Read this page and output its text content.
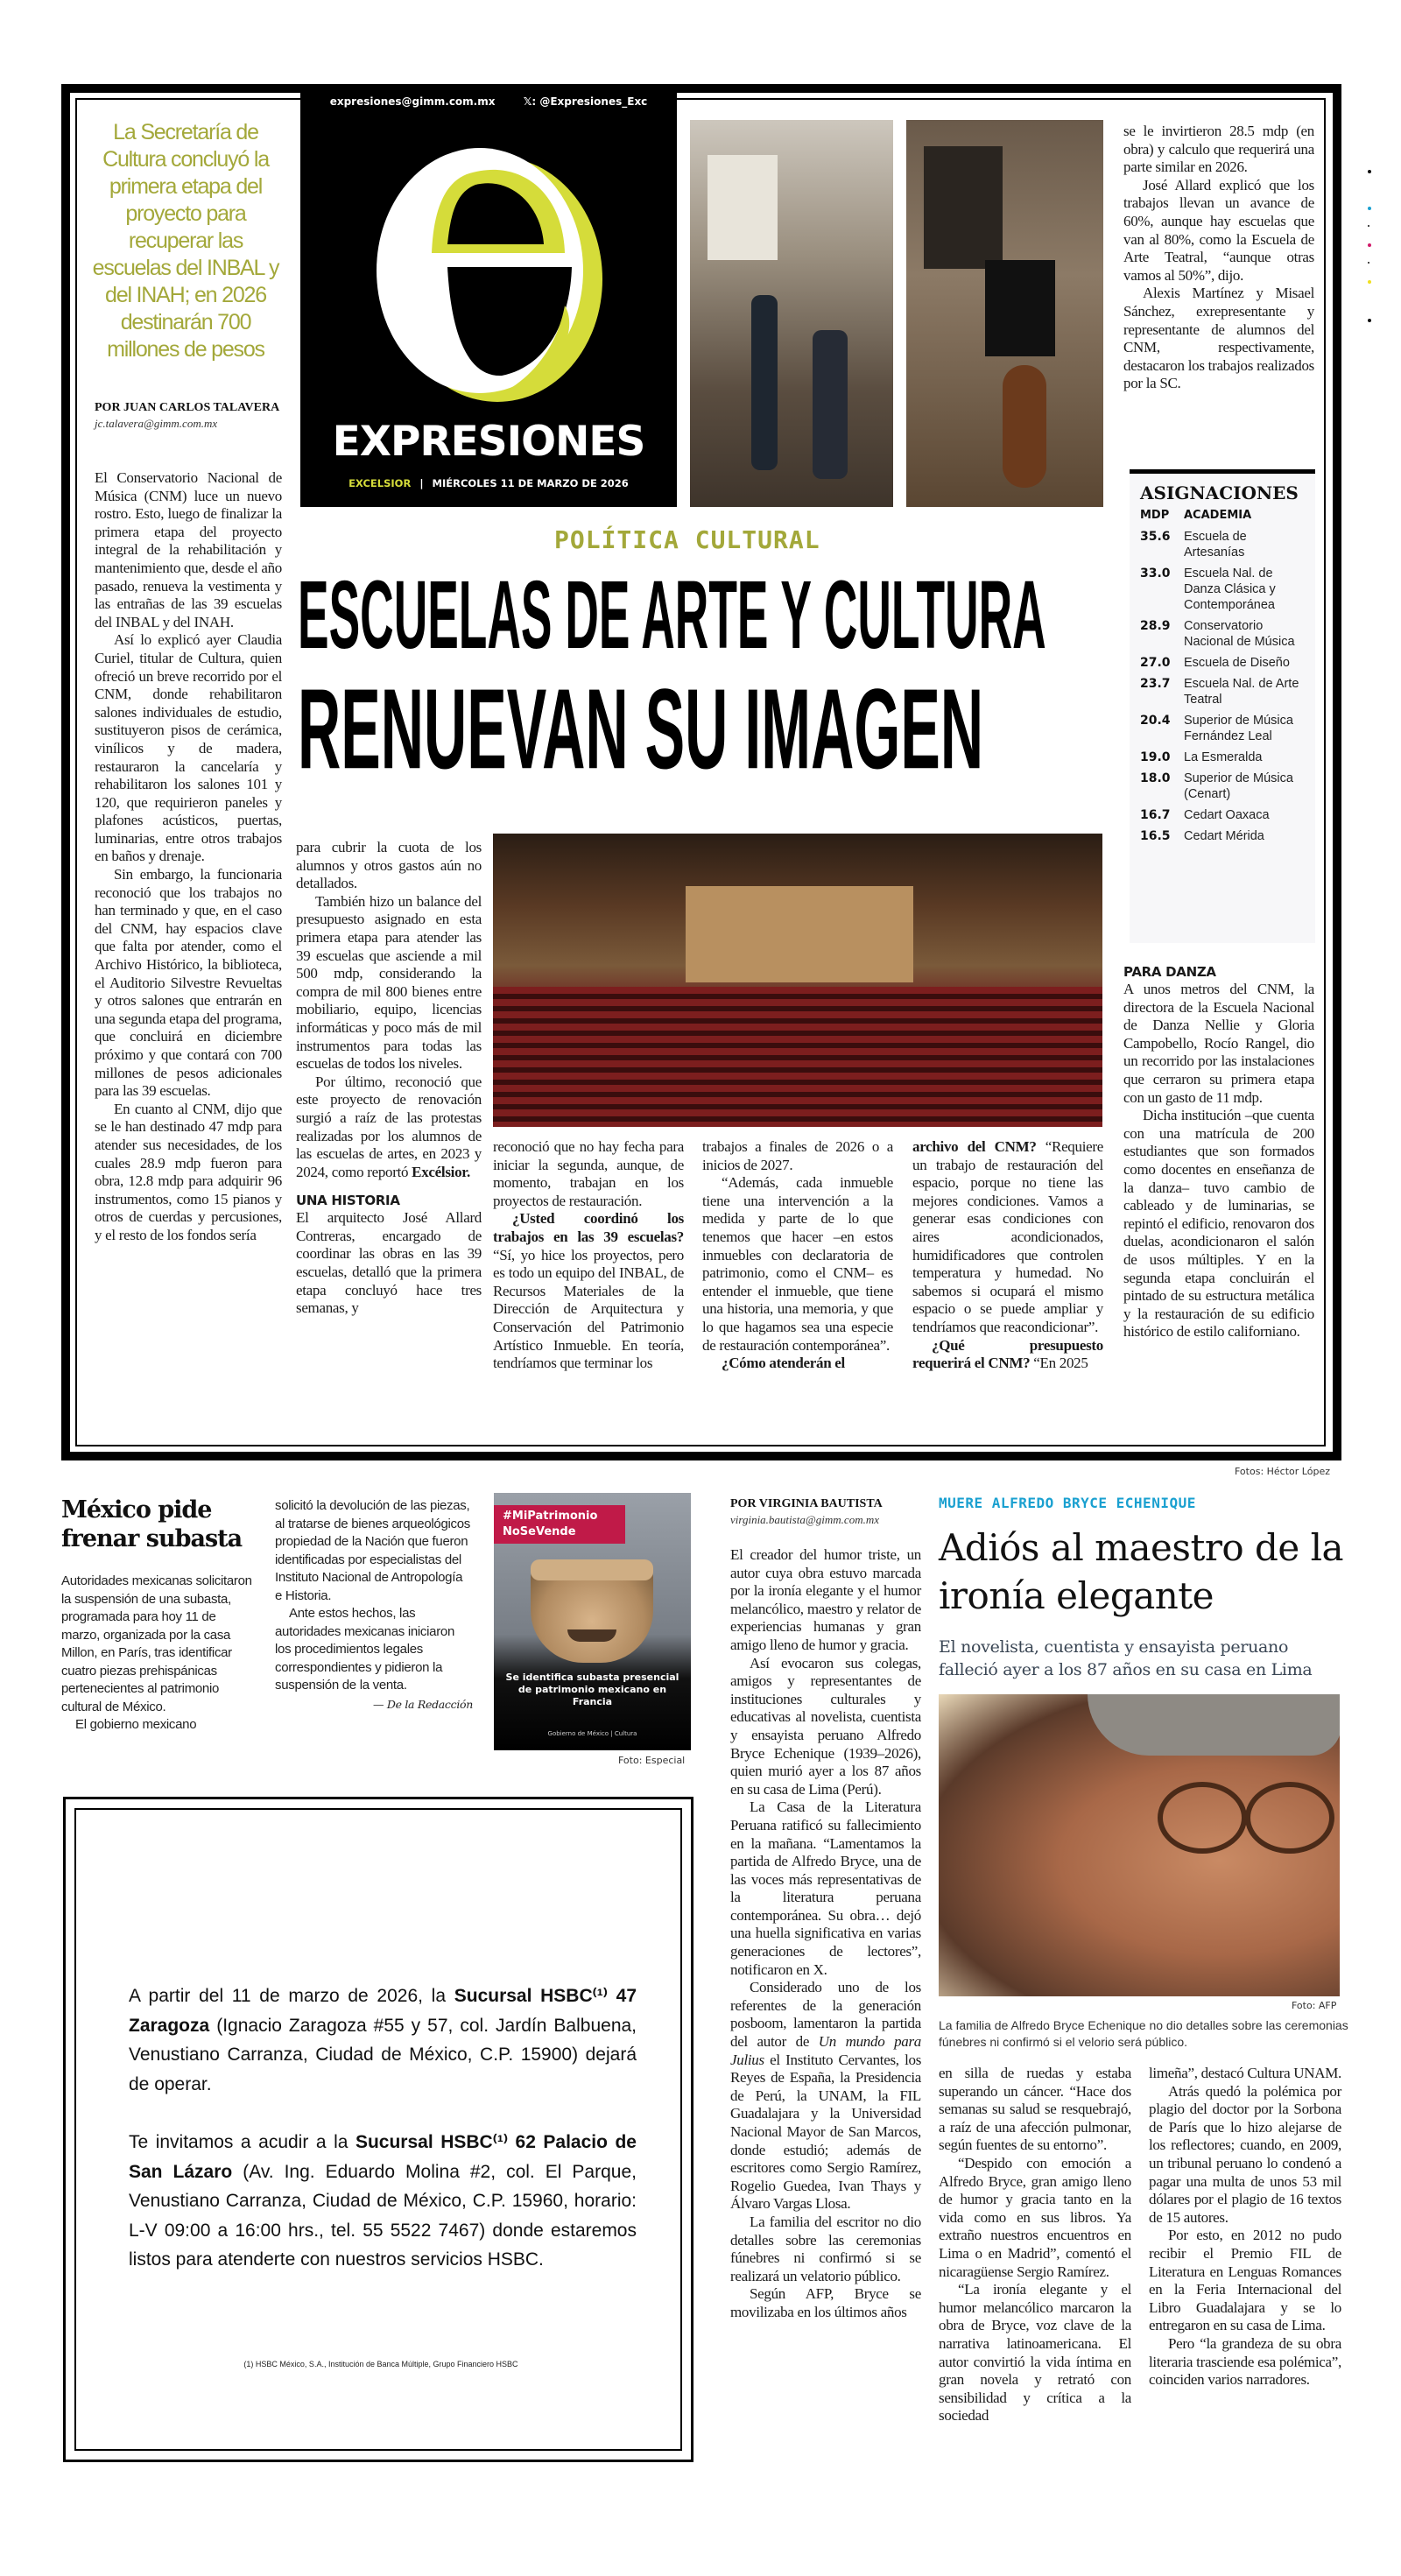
La Secretaría de Cultura concluyó la primera etapa del proyecto para recuperar las escuelas del INBAL y del INAH; en 2026 destinarán 700 millones de pesos
POR JUAN CARLOS TALAVERA
jc.talavera@gimm.com.mx

El Conservatorio Nacional de Música (CNM) luce un nuevo rostro. Esto, luego de finalizar la primera etapa del proyecto integral de la rehabilitación y mantenimiento que, desde el año pasado, renueva la vestimenta y las entrañas de las 39 escuelas del INBAL y del INAH.

Así lo explicó ayer Claudia Curiel, titular de Cultura, quien ofreció un breve recorrido por el CNM, donde rehabilitaron salones individuales de estudio, sustituyeron pisos de cerámica, vinílicos y de madera, restauraron la cancelaría y rehabilitaron los salones 101 y 120, que requirieron paneles y plafones acústicos, puertas, luminarias, entre otros trabajos en baños y drenaje.

Sin embargo, la funcionaria reconoció que los trabajos no han terminado y que, en el caso del CNM, hay espacios clave que falta por atender, como el Archivo Histórico, la biblioteca, el Auditorio Silvestre Revueltas y otros salones que entrarán en una segunda etapa del programa, que concluirá en diciembre próximo y que contará con 700 millones de pesos adicionales para las 39 escuelas.

En cuanto al CNM, dijo que se le han destinado 47 mdp para atender sus necesidades, de los cuales 28.9 mdp fueron para obra, 12.8 mdp para adquirir 96 instrumentos, como 15 pianos y otros de cuerdas y percusiones, y el resto de los fondos sería

expresiones@gimm.com.mx	𝕏: @Expresiones_Exc
EXPRESIONES
EXCELSIOR | MIÉRCOLES 11 DE MARZO DE 2026
POLÍTICA CULTURAL
ESCUELAS DE ARTE Y CULTURA
RENUEVAN SU IMAGEN

para cubrir la cuota de los alumnos y otros gastos aún no detallados.

También hizo un balance del presupuesto asignado en esta primera etapa para atender las 39 escuelas que asciende a mil 500 mdp, considerando la compra de mil 800 bienes entre mobiliario, equipo, licencias informáticas y poco más de mil instrumentos para todas las escuelas de todos los niveles.

Por último, reconoció que este proyecto de renovación surgió a raíz de las protestas realizadas por los alumnos de las escuelas de artes, en 2023 y 2024, como reportó Excélsior.

UNA HISTORIA

El arquitecto José Allard Contreras, encargado de coordinar las obras en las 39 escuelas, detalló que la primera etapa concluyó hace tres semanas, y

reconoció que no hay fecha para iniciar la segunda, aunque, de momento, trabajan en los proyectos de restauración.

¿Usted coordinó los trabajos en las 39 escuelas? “Sí, yo hice los proyectos, pero es todo un equipo del INBAL, de Recursos Materiales de la Dirección de Arquitectura y Conservación del Patrimonio Artístico Inmueble. En teoría, tendríamos que terminar los

trabajos a finales de 2026 o a inicios de 2027.

“Además, cada inmueble tiene una intervención a la medida y parte de lo que tenemos que hacer –en estos inmuebles con declaratoria de patrimonio, como el CNM– es entender el inmueble, que tiene una historia, una memoria, y que lo que hagamos sea una especie de restauración contemporánea”.

¿Cómo atenderán el

archivo del CNM? “Requiere un trabajo de restauración del espacio, porque no tiene las mejores condiciones. Vamos a generar esas condiciones con aires acondicionados, humidificadores que controlen temperatura y humedad. No sabemos si ocupará el mismo espacio o se puede ampliar y tendríamos que reacondicionar”.

¿Qué presupuesto requerirá el CNM? “En 2025

se le invirtieron 28.5 mdp (en obra) y calculo que requerirá una parte similar en 2026.

José Allard explicó que los trabajos llevan un avance de 60%, aunque hay escuelas que van al 80%, como la Escuela de Arte Teatral, “aunque otras vamos al 50%”, dijo.

Alexis Martínez y Misael Sánchez, exrepresentante y representante de alumnos del CNM, respectivamente, destacaron los trabajos realizados por la SC.

ASIGNACIONES
MDP	ACADEMIA
35.6	Escuela de Artesanías
33.0	Escuela Nal. de Danza Clásica y Contemporánea
28.9	Conservatorio Nacional de Música
27.0	Escuela de Diseño
23.7	Escuela Nal. de Arte Teatral
20.4	Superior de Música Fernández Leal
19.0	La Esmeralda
18.0	Superior de Música (Cenart)
16.7	Cedart Oaxaca
16.5	Cedart Mérida
PARA DANZA

A unos metros del CNM, la directora de la Escuela Nacional de Danza Nellie y Gloria Campobello, Rocío Rangel, dio un recorrido por las instalaciones que cerraron su primera etapa con un gasto de 11 mdp.

Dicha institución –que cuenta con una matrícula de 200 estudiantes que son formados como docentes en enseñanza de la danza– tuvo cambio de cableado y de luminarias, se repintó el edificio, renovaron dos duelas, acondicionaron el salón de usos múltiples. Y en la segunda etapa concluirán el pintado de su estructura metálica y la restauración de su edificio histórico de estilo californiano.

Fotos: Héctor López
México pide frenar subasta

Autoridades mexicanas solicitaron la suspensión de una subasta, programada para hoy 11 de marzo, organizada por la casa Millon, en París, tras identificar cuatro piezas prehispánicas pertenecientes al patrimonio cultural de México.

El gobierno mexicano

solicitó la devolución de las piezas, al tratarse de bienes arqueológicos propiedad de la Nación que fueron identificadas por especialistas del Instituto Nacional de Antropología e Historia.

Ante estos hechos, las autoridades mexicanas iniciaron los procedimientos legales correspondientes y pidieron la suspensión de la venta.

— De la Redacción
#MiPatrimonio NoSeVende
Se identifica subasta presencial de patrimonio mexicano en Francia
Gobierno de México | Cultura
Foto: Especial

A partir del 11 de marzo de 2026, la Sucursal HSBC⁽¹⁾ 47 Zaragoza (Ignacio Zaragoza #55 y 57, col. Jardín Balbuena, Venustiano Carranza, Ciudad de México, C.P. 15900) dejará de operar.

Te invitamos a acudir a la Sucursal HSBC⁽¹⁾ 62 Palacio de San Lázaro (Av. Ing. Eduardo Molina #2, col. El Parque, Venustiano Carranza, Ciudad de México, C.P. 15960, horario: L-V 09:00 a 16:00 hrs., tel. 55 5522 7467) donde estaremos listos para atenderte con nuestros servicios HSBC.

(1) HSBC México, S.A., Institución de Banca Múltiple, Grupo Financiero HSBC
POR VIRGINIA BAUTISTA
virginia.bautista@gimm.com.mx

El creador del humor triste, un autor cuya obra estuvo marcada por la ironía elegante y el humor melancólico, maestro y relator de experiencias humanas y gran amigo lleno de humor y gracia.

Así evocaron sus colegas, amigos y representantes de instituciones culturales y educativas al novelista, cuentista y ensayista peruano Alfredo Bryce Echenique (1939–2026), quien murió ayer a los 87 años en su casa de Lima (Perú).

La Casa de la Literatura Peruana ratificó su fallecimiento en la mañana. “Lamentamos la partida de Alfredo Bryce, una de las voces más representativas de la literatura peruana contemporánea. Su obra… dejó una huella significativa en varias generaciones de lectores”, notificaron en X.

Considerado uno de los referentes de la generación posboom, lamentaron la partida del autor de Un mundo para Julius el Instituto Cervantes, los Reyes de España, la Presidencia de Perú, la UNAM, la FIL Guadalajara y la Universidad Nacional Mayor de San Marcos, donde estudió; además de escritores como Sergio Ramírez, Rogelio Guedea, Ivan Thays y Álvaro Vargas Llosa.

La familia del escritor no dio detalles sobre las ceremonias fúnebres ni confirmó si se realizará un velatorio público.

Según AFP, Bryce se movilizaba en los últimos años

MUERE ALFREDO BRYCE ECHENIQUE
Adiós al maestro de la ironía elegante
El novelista, cuentista y ensayista peruano falleció ayer a los 87 años en su casa en Lima
Foto: AFP
La familia de Alfredo Bryce Echenique no dio detalles sobre las ceremonias fúnebres ni confirmó si el velorio será público.

en silla de ruedas y estaba superando un cáncer. “Hace dos semanas su salud se resquebrajó, a raíz de una afección pulmonar, según fuentes de su entorno”.

“Despido con emoción a Alfredo Bryce, gran amigo lleno de humor y gracia tanto en la vida como en sus libros. Ya extraño nuestros encuentros en Lima o en Madrid”, comentó el nicaragüense Sergio Ramírez.

“La ironía elegante y el humor melancólico marcaron la obra de Bryce, voz clave de la narrativa latinoamericana. El autor convirtió la vida íntima en gran novela y retrató con sensibilidad y crítica a la sociedad

limeña”, destacó Cultura UNAM.

Atrás quedó la polémica por plagio del doctor por la Sorbona de París que lo hizo alejarse de los reflectores; cuando, en 2009, un tribunal peruano lo condenó a pagar una multa de unos 53 mil dólares por el plagio de 16 textos de 15 autores.

Por esto, en 2012 no pudo recibir el Premio FIL de Literatura en Lenguas Romances en la Feria Internacional del Libro Guadalajara y se lo entregaron en su casa de Lima.

Pero “la grandeza de su obra literaria trasciende esa polémica”, coinciden varios narradores.
